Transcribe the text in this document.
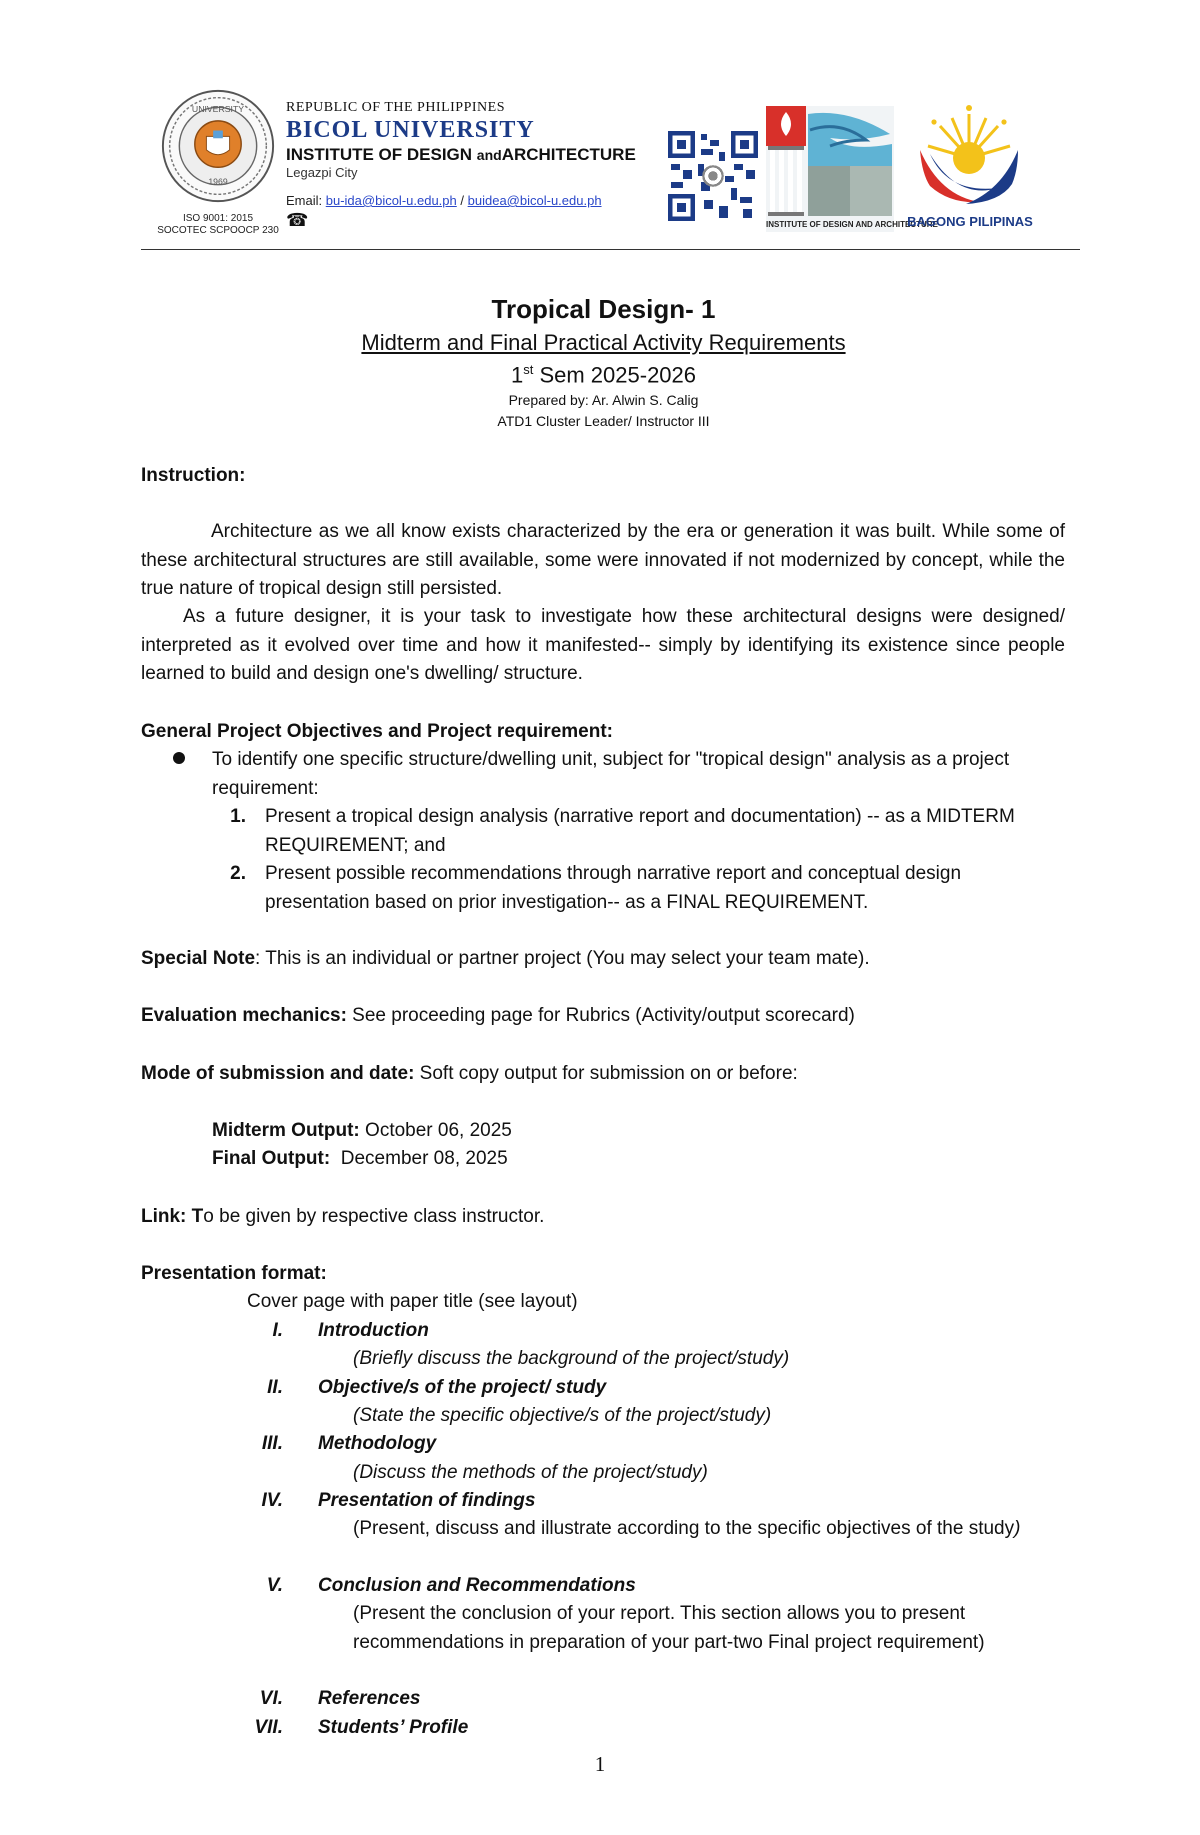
UNIVERSITY
1969
ISO 9001: 2015
SOCOTEC SCPOOCP 230
REPUBLIC OF THE PHILIPPINES
BICOL UNIVERSITY
INSTITUTE OF DESIGN andARCHITECTURE
Legazpi City
Email: bu-ida@bicol-u.edu.ph / buidea@bicol-u.edu.ph
☎	INSTITUTE OF DESIGN AND ARCHITECTURE
BAGONG PILIPINAS
Tropical Design- 1
Midterm and Final Practical Activity Requirements
1st Sem 2025-2026
Prepared by: Ar. Alwin S. Calig
ATD1 Cluster Leader/ Instructor III
Instruction:
Architecture as we all know exists characterized by the era or generation it was built. While some of these architectural structures are still available, some were innovated if not modernized by concept, while the true nature of tropical design still persisted.
As a future designer, it is your task to investigate how these architectural designs were designed/ interpreted as it evolved over time and how it manifested-- simply by identifying its existence since people learned to build and design one's dwelling/ structure.
General Project Objectives and Project requirement:
To identify one specific structure/dwelling unit, subject for "tropical design" analysis as a project requirement:
1. Present a tropical design analysis (narrative report and documentation) -- as a MIDTERM REQUIREMENT; and
2. Present possible recommendations through narrative report and conceptual design presentation based on prior investigation-- as a FINAL REQUIREMENT.
Special Note: This is an individual or partner project (You may select your team mate).
Evaluation mechanics: See proceeding page for Rubrics (Activity/output scorecard)
Mode of submission and date: Soft copy output for submission on or before:
Midterm Output: October 06, 2025
Final Output:  December 08, 2025
Link: To be given by respective class instructor.
Presentation format:
Cover page with paper title (see layout)
I. Introduction
(Briefly discuss the background of the project/study)
II. Objective/s of the project/ study
(State the specific objective/s of the project/study)
III. Methodology
(Discuss the methods of the project/study)
IV. Presentation of findings
(Present, discuss and illustrate according to the specific objectives of the study)
V. Conclusion and Recommendations
(Present the conclusion of your report. This section allows you to present recommendations in preparation of your part-two Final project requirement)
VI. References
VII. Students’ Profile
1
